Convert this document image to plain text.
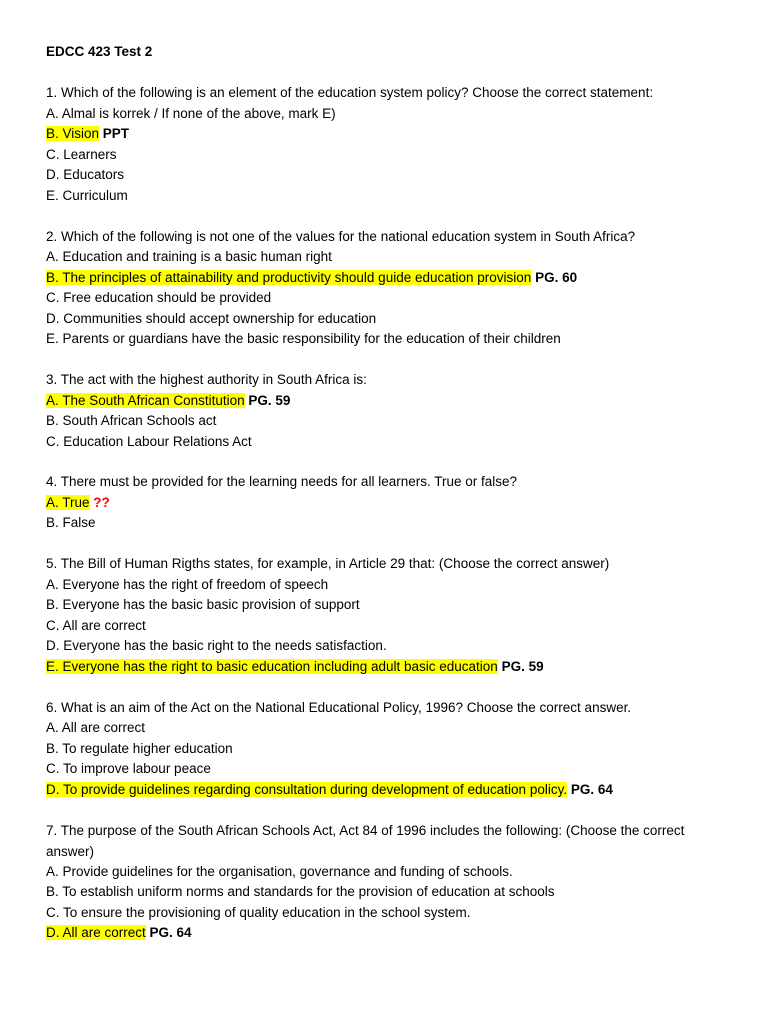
EDCC 423 Test 2
1. Which of the following is an element of the education system policy? Choose the correct statement:
A. Almal is korrek / If none of the above, mark E)
B. Vision PPT
C. Learners
D. Educators
E. Curriculum
2. Which of the following is not one of the values for the national education system in South Africa?
A. Education and training is a basic human right
B. The principles of attainability and productivity should guide education provision PG. 60
C. Free education should be provided
D. Communities should accept ownership for education
E. Parents or guardians have the basic responsibility for the education of their children
3. The act with the highest authority in South Africa is:
A. The South African Constitution PG. 59
B. South African Schools act
C. Education Labour Relations Act
4. There must be provided for the learning needs for all learners. True or false?
A. True ??
B. False
5. The Bill of Human Rigths states, for example, in Article 29 that: (Choose the correct answer)
A. Everyone has the right of freedom of speech
B. Everyone has the basic basic provision of support
C. All are correct
D. Everyone has the basic right to the needs satisfaction.
E. Everyone has the right to basic education including adult basic education PG. 59
6. What is an aim of the Act on the National Educational Policy, 1996? Choose the correct answer.
A. All are correct
B. To regulate higher education
C. To improve labour peace
D. To provide guidelines regarding consultation during development of education policy. PG. 64
7. The purpose of the South African Schools Act, Act 84 of 1996 includes the following: (Choose the correct answer)
A. Provide guidelines for the organisation, governance and funding of schools.
B. To establish uniform norms and standards for the provision of education at schools
C. To ensure the provisioning of quality education in the school system.
D. All are correct PG. 64
